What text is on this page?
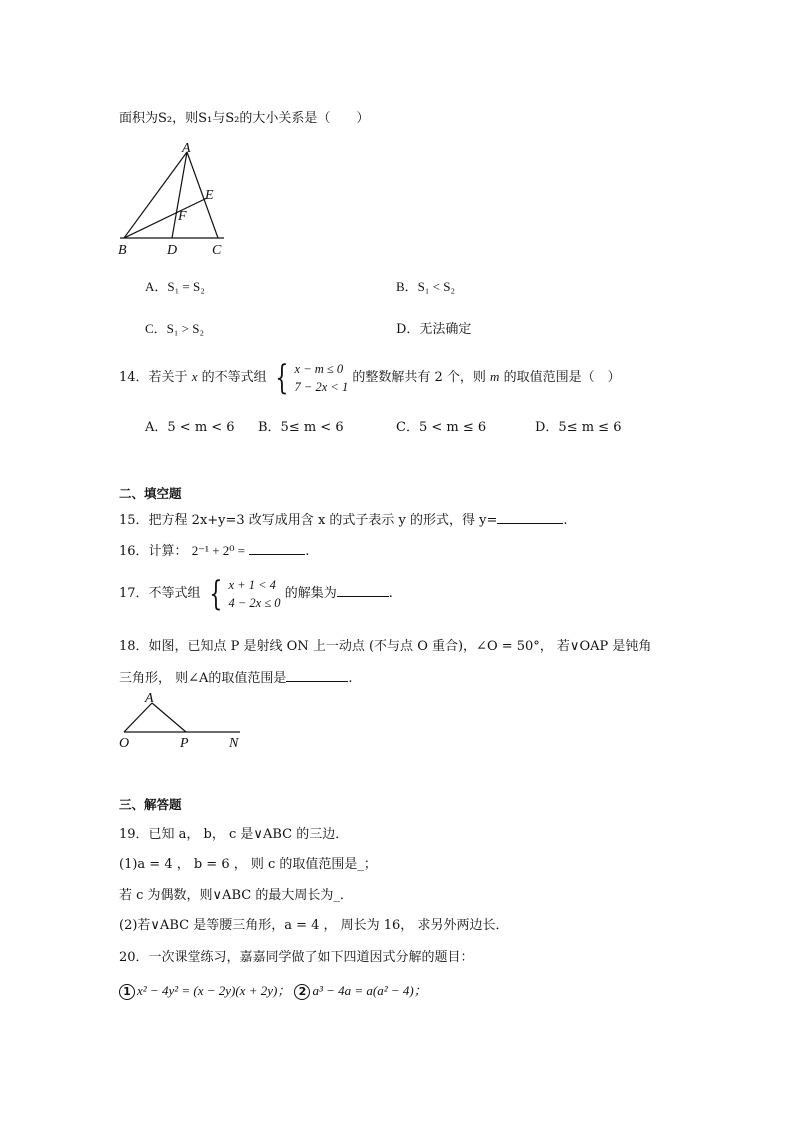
面积为S₂，则S₁与S₂的大小关系是（　　）
A
E
F
B	D C
A．S₁ = S₂	B．S₁ < S₂
C．S₁ > S₂	D．无法确定
14．若关于 x 的不等式组 { x − m ≤ 0
7 − 2x < 1 的整数解共有 2 个，则 m 的取值范围是（　）
A．5 < m < 6 B．5≤ m < 6	C．5 < m ≤ 6	D．5≤ m ≤ 6
二、填空题
15．把方程 2x+y=3 改写成用含 x 的式子表示 y 的形式，得 y=	.
16．计算： 2⁻¹ + 2⁰ =	.
17．不等式组 { x + 1 < 4
4 − 2x ≤ 0 的解集为	.
18．如图，已知点 P 是射线 ON 上一动点 (不与点 O 重合)，∠O = 50°， 若∨OAP 是钝角
三角形， 则∠A的取值范围是	.
A
O	P	N
三、解答题
19．已知 a， b， c 是∨ABC 的三边．
(1)a = 4 ， b = 6 ， 则 c 的取值范围是_；
若 c 为偶数，则∨ABC 的最大周长为_．
(2)若∨ABC 是等腰三角形，a = 4 ， 周长为 16， 求另外两边长．
20．一次课堂练习，嘉嘉同学做了如下四道因式分解的题目：
1 x² − 4y² = (x − 2y)(x + 2y)； 2 a³ − 4a = a(a² − 4)；
